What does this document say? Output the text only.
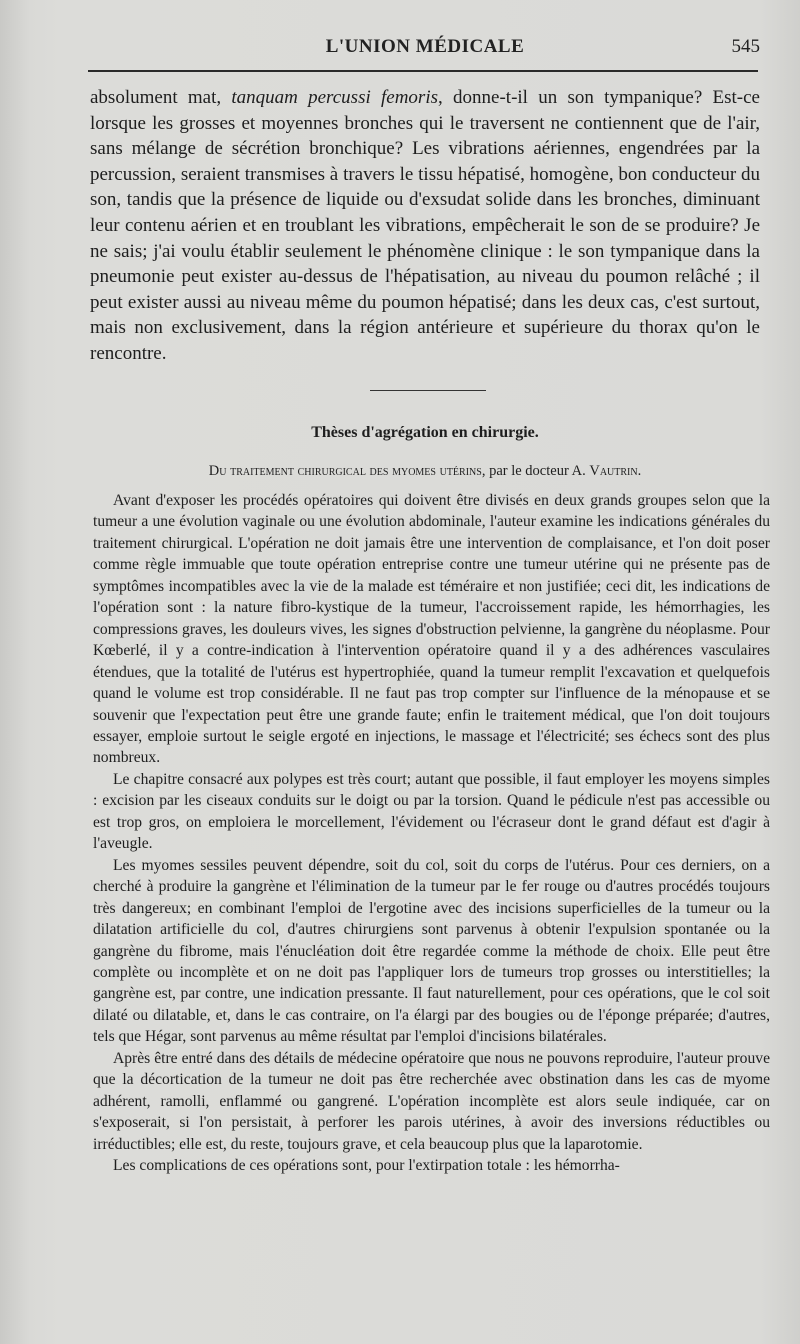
L'UNION MÉDICALE	545

absolument mat, tanquam percussi femoris, donne-t-il un son tympanique? Est-ce lorsque les grosses et moyennes bronches qui le traversent ne contiennent que de l'air, sans mélange de sécrétion bronchique? Les vibrations aériennes, engendrées par la percussion, seraient transmises à travers le tissu hépatisé, homogène, bon conducteur du son, tandis que la présence de liquide ou d'exsudat solide dans les bronches, diminuant leur contenu aérien et en troublant les vibrations, empêcherait le son de se produire? Je ne sais; j'ai voulu établir seulement le phénomène clinique : le son tympanique dans la pneumonie peut exister au-dessus de l'hépatisation, au niveau du poumon relâché ; il peut exister aussi au niveau même du poumon hépatisé; dans les deux cas, c'est surtout, mais non exclusivement, dans la région antérieure et supérieure du thorax qu'on le rencontre.

Thèses d'agrégation en chirurgie.
Du traitement chirurgical des myomes utérins, par le docteur A. Vautrin.

Avant d'exposer les procédés opératoires qui doivent être divisés en deux grands groupes selon que la tumeur a une évolution vaginale ou une évolution abdominale, l'auteur examine les indications générales du traitement chirurgical. L'opération ne doit jamais être une intervention de complaisance, et l'on doit poser comme règle immuable que toute opération entreprise contre une tumeur utérine qui ne présente pas de symptômes incompatibles avec la vie de la malade est téméraire et non justifiée; ceci dit, les indications de l'opération sont : la nature fibro-kystique de la tumeur, l'accroissement rapide, les hémorrhagies, les compressions graves, les douleurs vives, les signes d'obstruction pelvienne, la gangrène du néoplasme. Pour Kœberlé, il y a contre-indication à l'intervention opératoire quand il y a des adhérences vasculaires étendues, que la totalité de l'utérus est hypertrophiée, quand la tumeur remplit l'excavation et quelquefois quand le volume est trop considérable. Il ne faut pas trop compter sur l'influence de la ménopause et se souvenir que l'expectation peut être une grande faute; enfin le traitement médical, que l'on doit toujours essayer, emploie surtout le seigle ergoté en injections, le massage et l'électricité; ses échecs sont des plus nombreux.

Le chapitre consacré aux polypes est très court; autant que possible, il faut employer les moyens simples : excision par les ciseaux conduits sur le doigt ou par la torsion. Quand le pédicule n'est pas accessible ou est trop gros, on emploiera le morcellement, l'évidement ou l'écraseur dont le grand défaut est d'agir à l'aveugle.

Les myomes sessiles peuvent dépendre, soit du col, soit du corps de l'utérus. Pour ces derniers, on a cherché à produire la gangrène et l'élimination de la tumeur par le fer rouge ou d'autres procédés toujours très dangereux; en combinant l'emploi de l'ergotine avec des incisions superficielles de la tumeur ou la dilatation artificielle du col, d'autres chirurgiens sont parvenus à obtenir l'expulsion spontanée ou la gangrène du fibrome, mais l'énucléation doit être regardée comme la méthode de choix. Elle peut être complète ou incomplète et on ne doit pas l'appliquer lors de tumeurs trop grosses ou interstitielles; la gangrène est, par contre, une indication pressante. Il faut naturellement, pour ces opérations, que le col soit dilaté ou dilatable, et, dans le cas contraire, on l'a élargi par des bougies ou de l'éponge préparée; d'autres, tels que Hégar, sont parvenus au même résultat par l'emploi d'incisions bilatérales.

Après être entré dans des détails de médecine opératoire que nous ne pouvons reproduire, l'auteur prouve que la décortication de la tumeur ne doit pas être recherchée avec obstination dans les cas de myome adhérent, ramolli, enflammé ou gangrené. L'opération incomplète est alors seule indiquée, car on s'exposerait, si l'on persistait, à perforer les parois utérines, à avoir des inversions réductibles ou irréductibles; elle est, du reste, toujours grave, et cela beaucoup plus que la laparotomie.

Les complications de ces opérations sont, pour l'extirpation totale : les hémorrha-
